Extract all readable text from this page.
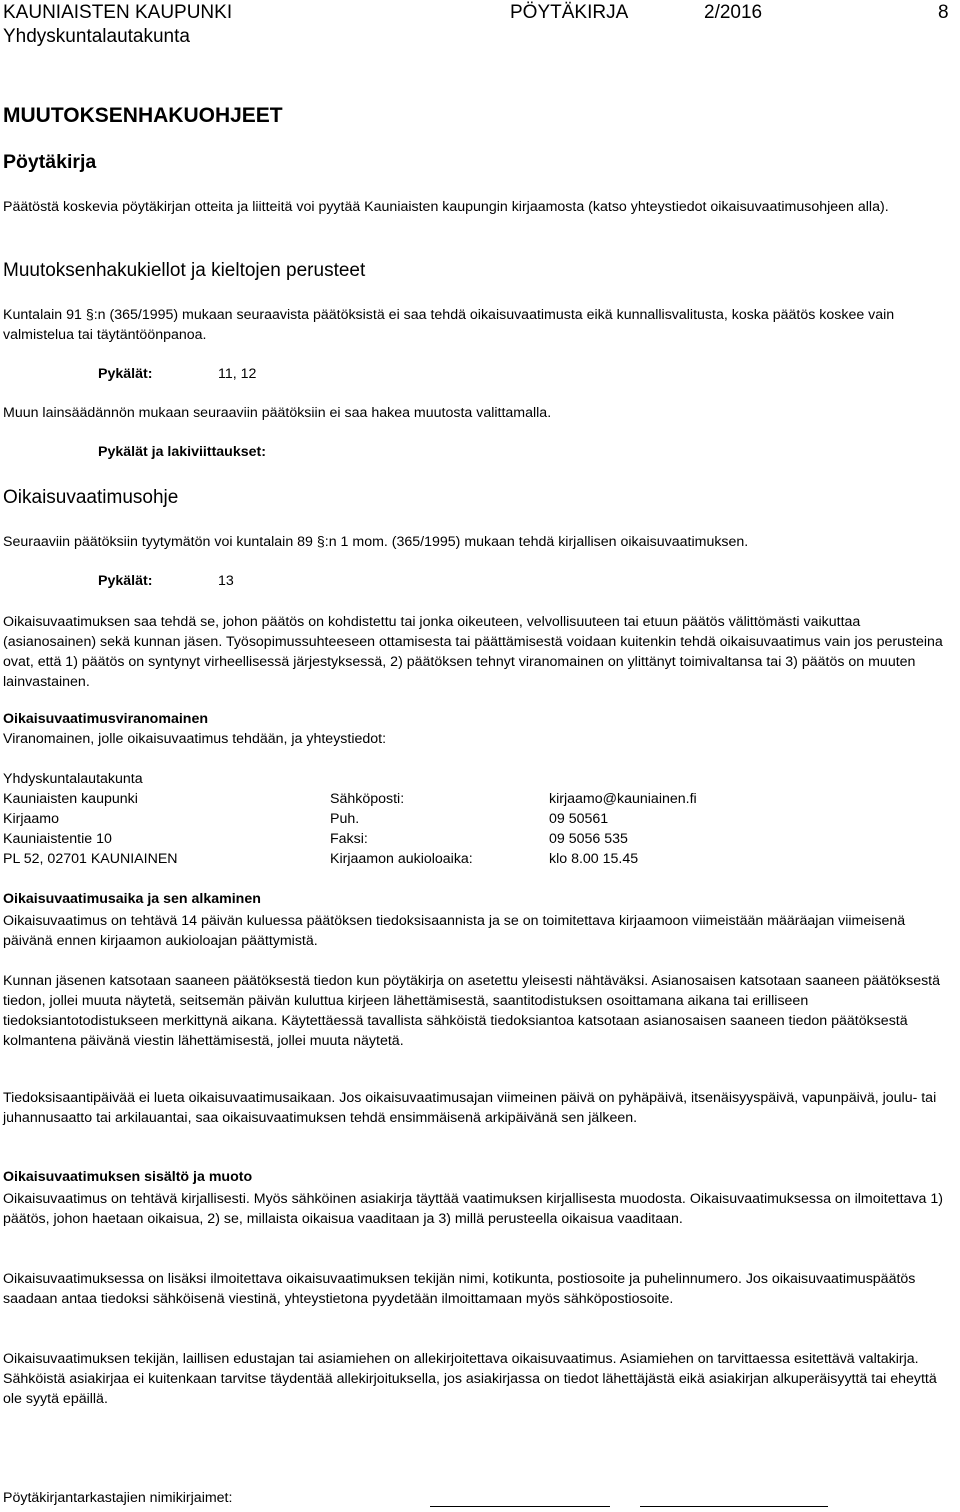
KAUNIAISTEN KAUPUNKI
Yhdyskuntalautakunta
PÖYTÄKIRJA	2/2016	8
MUUTOKSENHAKUOHJEET
Pöytäkirja
Päätöstä koskevia pöytäkirjan otteita ja liitteitä voi pyytää Kauniaisten kaupungin kirjaamosta (katso yhteystiedot oikaisuvaatimusohjeen alla).
Muutoksenhakukiellot ja kieltojen perusteet
Kuntalain 91 §:n (365/1995) mukaan seuraavista päätöksistä ei saa tehdä oikaisuvaatimusta eikä kunnallisvalitusta, koska päätös koskee vain valmistelua tai täytäntöönpanoa.
Pykälät:	11, 12
Muun lainsäädännön mukaan seuraaviin päätöksiin ei saa hakea muutosta valittamalla.
Pykälät ja lakiviittaukset:
Oikaisuvaatimusohje
Seuraaviin päätöksiin tyytymätön voi kuntalain 89 §:n 1 mom. (365/1995) mukaan tehdä kirjallisen oikaisuvaatimuksen.
Pykälät:	13
Oikaisuvaatimuksen saa tehdä se, johon päätös on kohdistettu tai jonka oikeuteen, velvollisuuteen tai etuun päätös välittömästi vaikuttaa (asianosainen) sekä kunnan jäsen. Työsopimussuhteeseen ottamisesta tai päättämisestä voidaan kuitenkin tehdä oikaisuvaatimus vain jos perusteina ovat, että 1) päätös on syntynyt virheellisessä järjestyksessä, 2) päätöksen tehnyt viranomainen on ylittänyt toimivaltansa tai 3) päätös on muuten lainvastainen.
Oikaisuvaatimusviranomainen
Viranomainen, jolle oikaisuvaatimus tehdään, ja yhteystiedot:
Yhdyskuntalautakunta
Kauniaisten kaupunki	Sähköposti:	kirjaamo@kauniainen.fi
Kirjaamo	Puh.	09 50561
Kauniaistentie 10	Faksi:	09 5056 535
PL 52, 02701 KAUNIAINEN	Kirjaamon aukioloaika:	klo 8.00 15.45
Oikaisuvaatimusaika ja sen alkaminen
Oikaisuvaatimus on tehtävä 14 päivän kuluessa päätöksen tiedoksisaannista ja se on toimitettava kirjaamoon viimeistään määräajan viimeisenä päivänä ennen kirjaamon aukioloajan päättymistä.
Kunnan jäsenen katsotaan saaneen päätöksestä tiedon kun pöytäkirja on asetettu yleisesti nähtäväksi. Asianosaisen katsotaan saaneen päätöksestä tiedon, jollei muuta näytetä, seitsemän päivän kuluttua kirjeen lähettämisestä, saantitodistuksen osoittamana aikana tai erilliseen tiedoksiantotodistukseen merkittynä aikana. Käytettäessä tavallista sähköistä tiedoksiantoa katsotaan asianosaisen saaneen tiedon päätöksestä kolmantena päivänä viestin lähettämisestä, jollei muuta näytetä.
Tiedoksisaantipäivää ei lueta oikaisuvaatimusaikaan. Jos oikaisuvaatimusajan viimeinen päivä on pyhäpäivä, itsenäisyyspäivä, vapunpäivä, joulu- tai juhannusaatto tai arkilauantai, saa oikaisuvaatimuksen tehdä ensimmäisenä arkipäivänä sen jälkeen.
Oikaisuvaatimuksen sisältö ja muoto
Oikaisuvaatimus on tehtävä kirjallisesti. Myös sähköinen asiakirja täyttää vaatimuksen kirjallisesta muodosta. Oikaisuvaatimuksessa on ilmoitettava 1) päätös, johon haetaan oikaisua, 2) se, millaista oikaisua vaaditaan ja 3) millä perusteella oikaisua vaaditaan.
Oikaisuvaatimuksessa on lisäksi ilmoitettava oikaisuvaatimuksen tekijän nimi, kotikunta, postiosoite ja puhelinnumero. Jos oikaisuvaatimuspäätös saadaan antaa tiedoksi sähköisenä viestinä, yhteystietona pyydetään ilmoittamaan myös sähköpostiosoite.
Oikaisuvaatimuksen tekijän, laillisen edustajan tai asiamiehen on allekirjoitettava oikaisuvaatimus. Asiamiehen on tarvittaessa esitettävä valtakirja. Sähköistä asiakirjaa ei kuitenkaan tarvitse täydentää allekirjoituksella, jos asiakirjassa on tiedot lähettäjästä eikä asiakirjan alkuperäisyyttä tai eheyttä ole syytä epäillä.
Pöytäkirjantarkastajien nimikirjaimet:
